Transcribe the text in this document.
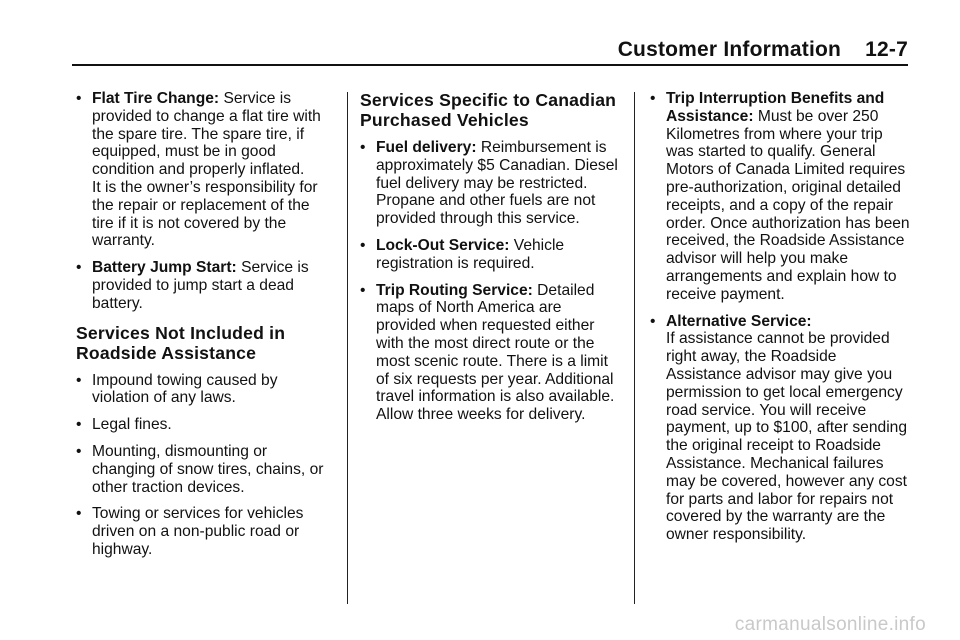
Customer Information    12-7
• Flat Tire Change: Service is provided to change a flat tire with the spare tire. The spare tire, if equipped, must be in good condition and properly inflated.
It is the owner’s responsibility for the repair or replacement of the tire if it is not covered by the warranty.
• Battery Jump Start: Service is provided to jump start a dead battery.
Services Not Included in Roadside Assistance
• Impound towing caused by violation of any laws.
• Legal fines.
• Mounting, dismounting or changing of snow tires, chains, or other traction devices.
• Towing or services for vehicles driven on a non-public road or highway.
Services Specific to Canadian Purchased Vehicles
• Fuel delivery: Reimbursement is approximately $5 Canadian. Diesel fuel delivery may be restricted. Propane and other fuels are not provided through this service.
• Lock-Out Service: Vehicle registration is required.
• Trip Routing Service: Detailed maps of North America are provided when requested either with the most direct route or the most scenic route. There is a limit of six requests per year. Additional travel information is also available. Allow three weeks for delivery.
• Trip Interruption Benefits and Assistance: Must be over 250 Kilometres from where your trip was started to qualify. General Motors of Canada Limited requires pre-authorization, original detailed receipts, and a copy of the repair order. Once authorization has been received, the Roadside Assistance advisor will help you make arrangements and explain how to receive payment.
• Alternative Service:
If assistance cannot be provided right away, the Roadside Assistance advisor may give you permission to get local emergency road service. You will receive payment, up to $100, after sending the original receipt to Roadside Assistance. Mechanical failures may be covered, however any cost for parts and labor for repairs not covered by the warranty are the owner responsibility.
carmanualsonline.info
